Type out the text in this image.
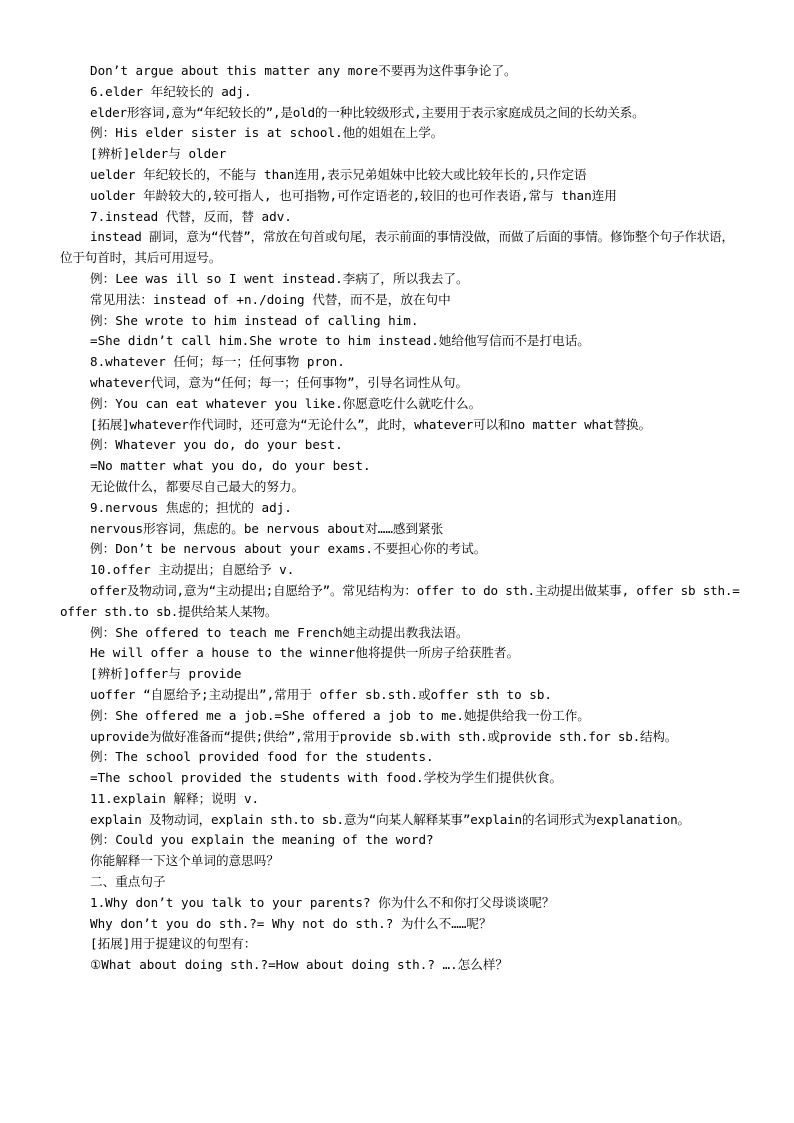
Don’t argue about this matter any more不要再为这件事争论了。
6.elder 年纪较长的 adj.
elder形容词,意为“年纪较长的”,是old的一种比较级形式,主要用于表示家庭成员之间的长幼关系。
例：His elder sister is at school.他的姐姐在上学。
[辨析]elder与 older
uelder 年纪较长的，不能与 than连用,表示兄弟姐妹中比较大或比较年长的,只作定语
uolder 年龄较大的,较可指人, 也可指物,可作定语老的,较旧的也可作表语,常与 than连用
7.instead 代替，反而，替 adv.
instead 副词，意为“代替”，常放在句首或句尾，表示前面的事情没做，而做了后面的事情。修饰整个句子作状语，位于句首时，其后可用逗号。
例：Lee was ill so I went instead.李病了，所以我去了。
常见用法：instead of +n./doing 代替，而不是，放在句中
例：She wrote to him instead of calling him.
=She didn’t call him.She wrote to him instead.她给他写信而不是打电话。
8.whatever 任何；每一；任何事物 pron.
whatever代词，意为“任何；每一；任何事物”，引导名词性从句。
例：You can eat whatever you like.你愿意吃什么就吃什么。
[拓展]whatever作代词时，还可意为“无论什么”，此时，whatever可以和no matter what替换。
例：Whatever you do, do your best.
=No matter what you do, do your best.
无论做什么，都要尽自己最大的努力。
9.nervous 焦虑的；担忧的 adj.
nervous形容词，焦虑的。be nervous about对……感到紧张
例：Don’t be nervous about your exams.不要担心你的考试。
10.offer 主动提出；自愿给予 v.
offer及物动词,意为“主动提出;自愿给予”。常见结构为：offer to do sth.主动提出做某事, offer sb sth.= offer sth.to sb.提供给某人某物。
例：She offered to teach me French她主动提出教我法语。
He will offer a house to the winner他将提供一所房子给获胜者。
[辨析]offer与 provide
uoffer “自愿给予;主动提出”,常用于 offer sb.sth.或offer sth to sb.
例：She offered me a job.=She offered a job to me.她提供给我一份工作。
uprovide为做好准备而“提供;供给”,常用于provide sb.with sth.或provide sth.for sb.结构。
例：The school provided food for the students.
=The school provided the students with food.学校为学生们提供伙食。
11.explain 解释；说明 v.
explain 及物动词，explain sth.to sb.意为“向某人解释某事”explain的名词形式为explanation。
例：Could you explain the meaning of the word?
你能解释一下这个单词的意思吗？
二、重点句子
1.Why don’t you talk to your parents? 你为什么不和你打父母谈谈呢？
Why don’t you do sth.?= Why not do sth.? 为什么不……呢？
[拓展]用于提建议的句型有：
①What about doing sth.?=How about doing sth.? ….怎么样？
